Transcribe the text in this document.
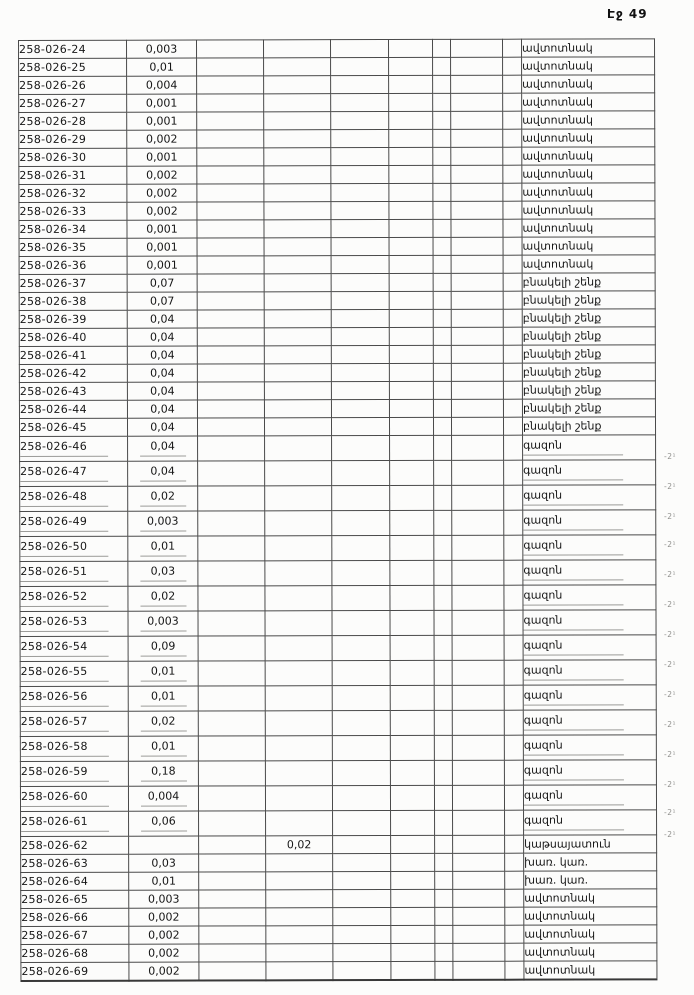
Էջ 49
258-026-24	0,003								ավտոտնակ
258-026-25	0,01								ավտոտնակ
258-026-26	0,004								ավտոտնակ
258-026-27	0,001								ավտոտնակ
258-026-28	0,001								ավտոտնակ
258-026-29	0,002								ավտոտնակ
258-026-30	0,001								ավտոտնակ
258-026-31	0,002								ավտոտնակ
258-026-32	0,002								ավտոտնակ
258-026-33	0,002								ավտոտնակ
258-026-34	0,001								ավտոտնակ
258-026-35	0,001								ավտոտնակ
258-026-36	0,001								ավտոտնակ
258-026-37	0,07								բնակելի շենք
258-026-38	0,07								բնակելի շենք
258-026-39	0,04								բնակելի շենք
258-026-40	0,04								բնակելի շենք
258-026-41	0,04								բնակելի շենք
258-026-42	0,04								բնակելի շենք
258-026-43	0,04								բնակելի շենք
258-026-44	0,04								բնակելի շենք
258-026-45	0,04								բնակելի շենք
258-026-46	0,04								գազոն
258-026-47	0,04								գազոն
258-026-48	0,02								գազոն
258-026-49	0,003								գազոն
258-026-50	0,01								գազոն
258-026-51	0,03								գազոն
258-026-52	0,02								գազոն
258-026-53	0,003								գազոն
258-026-54	0,09								գազոն
258-026-55	0,01								գազոն
258-026-56	0,01								գազոն
258-026-57	0,02								գազոն
258-026-58	0,01								գազոն
258-026-59	0,18								գազոն
258-026-60	0,004								գազոն
258-026-61	0,06								գազոն
258-026-62			0,02						կաթսայատուն
258-026-63	0,03								խառ. կառ.
258-026-64	0,01								խառ. կառ.
258-026-65	0,003								ավտոտնակ
258-026-66	0,002								ավտոտնակ
258-026-67	0,002								ավտոտնակ
258-026-68	0,002								ավտոտնակ
258-026-69	0,002								ավտոտնակ
-2¹
-2¹
-2¹
-2¹
-2¹
-2¹
-2¹
-2¹
-2¹
-2¹
-2¹
-2¹
-2¹
-2¹
